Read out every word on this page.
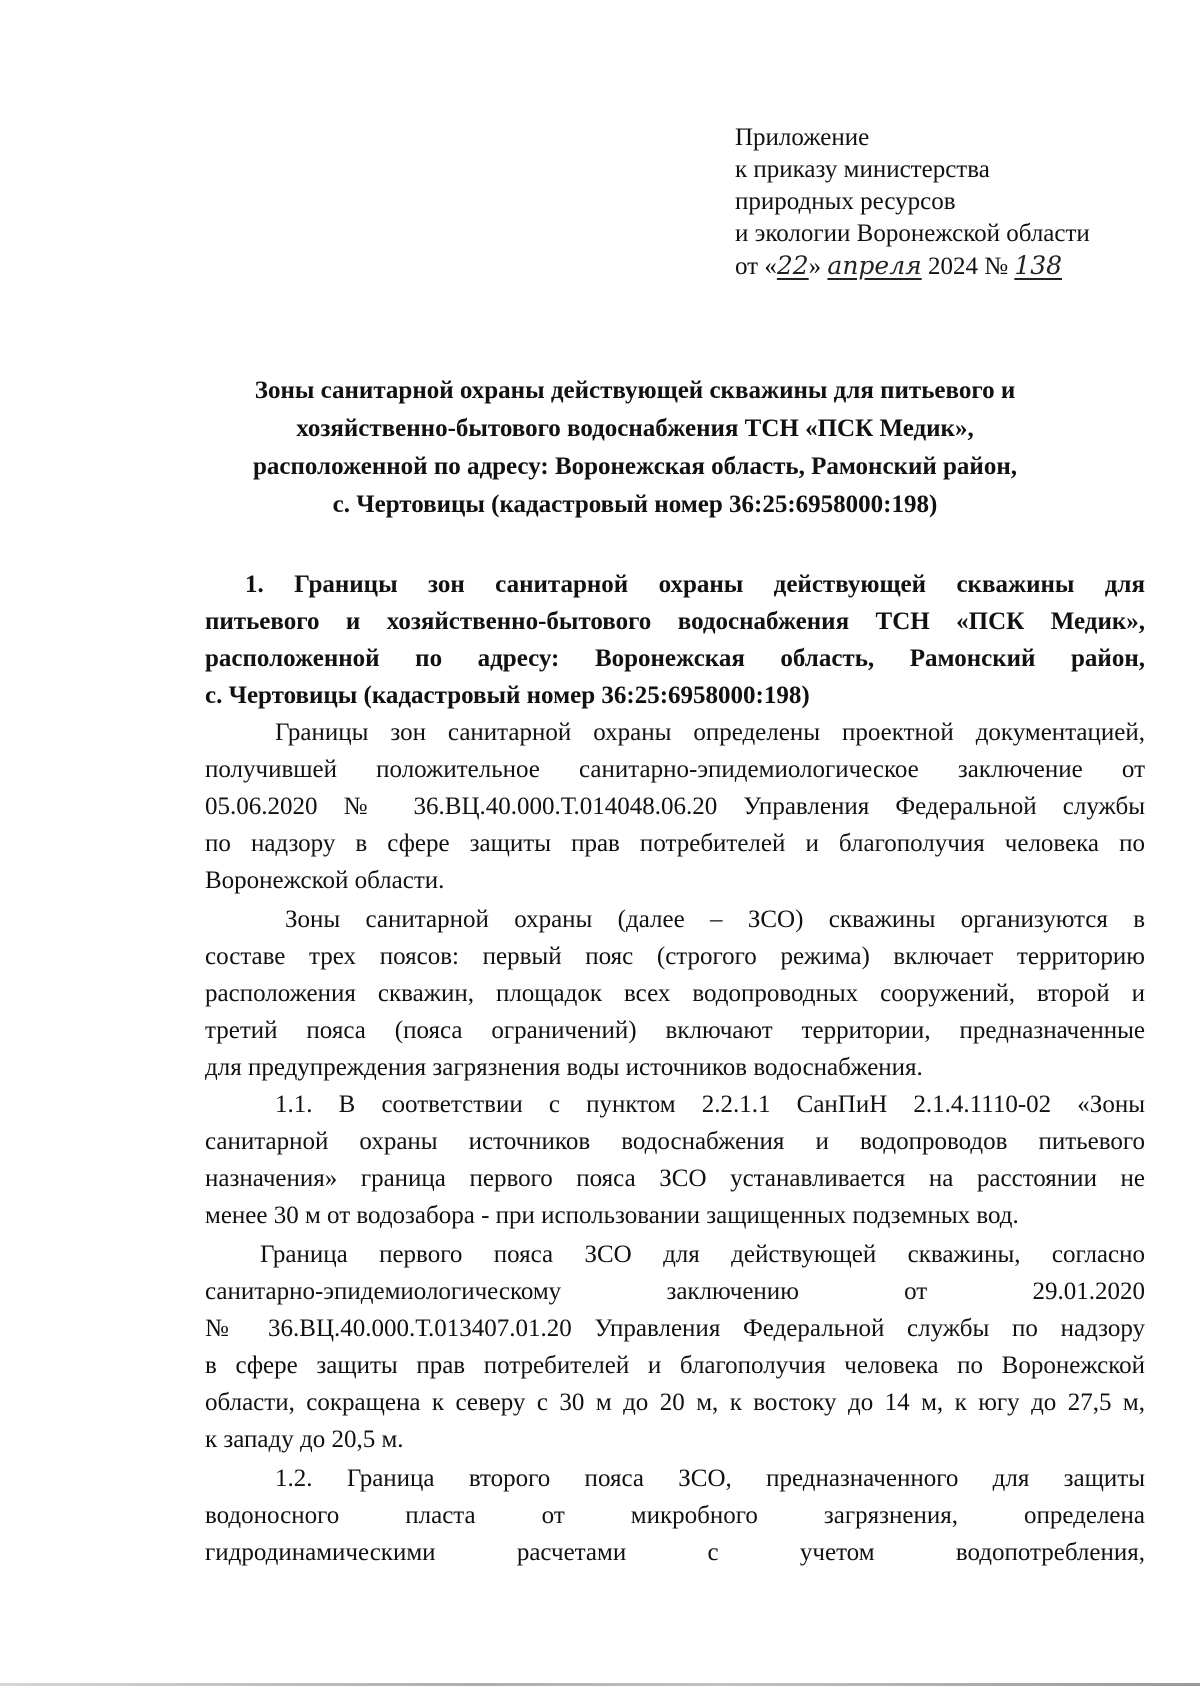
Приложение
к приказу министерства
природных ресурсов
и экологии Воронежской области
от «22» апреля 2024 № 138
Зоны санитарной охраны действующей скважины для питьевого и
хозяйственно-бытового водоснабжения ТСН «ПСК Медик»,
расположенной по адресу: Воронежская область, Рамонский район,
с. Чертовицы (кадастровый номер 36:25:6958000:198)

1. Границы зон санитарной охраны действующей скважины для

питьевого и хозяйственно-бытового водоснабжения ТСН «ПСК Медик»,

расположенной по адресу: Воронежская область, Рамонский район,

с. Чертовицы (кадастровый номер 36:25:6958000:198)

Границы зон санитарной охраны определены проектной документацией,

получившей положительное санитарно-эпидемиологическое заключение от

05.06.2020 № 36.ВЦ.40.000.Т.014048.06.20 Управления Федеральной службы

по надзору в сфере защиты прав потребителей и благополучия человека по

Воронежской области.

Зоны санитарной охраны (далее – ЗСО) скважины организуются в

составе трех поясов: первый пояс (строгого режима) включает территорию

расположения скважин, площадок всех водопроводных сооружений, второй и

третий пояса (пояса ограничений) включают территории, предназначенные

для предупреждения загрязнения воды источников водоснабжения.

1.1. В соответствии с пунктом 2.2.1.1 СанПиН 2.1.4.1110-02 «Зоны

санитарной охраны источников водоснабжения и водопроводов питьевого

назначения» граница первого пояса ЗСО устанавливается на расстоянии не

менее 30 м от водозабора - при использовании защищенных подземных вод.

Граница первого пояса ЗСО для действующей скважины, согласно

санитарно-эпидемиологическому заключению от 29.01.2020

№ 36.ВЦ.40.000.Т.013407.01.20 Управления Федеральной службы по надзору

в сфере защиты прав потребителей и благополучия человека по Воронежской

области, сокращена к северу с 30 м до 20 м, к востоку до 14 м, к югу до 27,5 м,

к западу до 20,5 м.

1.2. Граница второго пояса ЗСО, предназначенного для защиты

водоносного пласта от микробного загрязнения, определена

гидродинамическими расчетами с учетом водопотребления,
